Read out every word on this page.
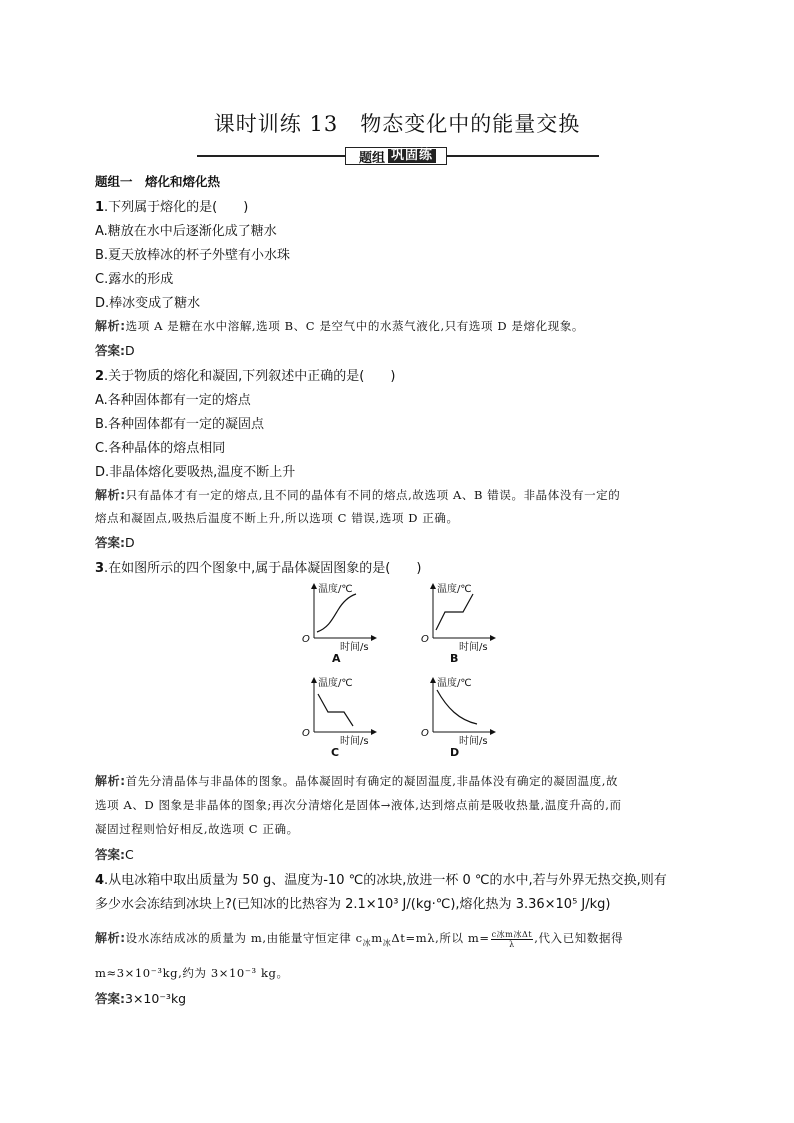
课时训练 13　物态变化中的能量交换
题组 巩固练
题组一　熔化和熔化热
1.下列属于熔化的是(　　)
A.糖放在水中后逐渐化成了糖水
B.夏天放棒冰的杯子外壁有小水珠
C.露水的形成
D.棒冰变成了糖水
解析:选项 A 是糖在水中溶解,选项 B、C 是空气中的水蒸气液化,只有选项 D 是熔化现象。
答案:D
2.关于物质的熔化和凝固,下列叙述中正确的是(　　)
A.各种固体都有一定的熔点
B.各种固体都有一定的凝固点
C.各种晶体的熔点相同
D.非晶体熔化要吸热,温度不断上升
解析:只有晶体才有一定的熔点,且不同的晶体有不同的熔点,故选项 A、B 错误。非晶体没有一定的
熔点和凝固点,吸热后温度不断上升,所以选项 C 错误,选项 D 正确。
答案:D
3.在如图所示的四个图象中,属于晶体凝固图象的是(　　)
温度/℃
O
时间/s
A
温度/℃
O
时间/s
B
温度/℃
O
时间/s
C
温度/℃
O
时间/s
D
解析:首先分清晶体与非晶体的图象。晶体凝固时有确定的凝固温度,非晶体没有确定的凝固温度,故
选项 A、D 图象是非晶体的图象;再次分清熔化是固体→液体,达到熔点前是吸收热量,温度升高的,而
凝固过程则恰好相反,故选项 C 正确。
答案:C
4.从电冰箱中取出质量为 50 g、温度为-10 ℃的冰块,放进一杯 0 ℃的水中,若与外界无热交换,则有
多少水会冻结到冰块上?(已知冰的比热容为 2.1×10³ J/(kg·℃),熔化热为 3.36×10⁵ J/kg)
解析:设水冻结成冰的质量为 m,由能量守恒定律 $c_冰m_冰\Delta t=m\lambda$,所以 m= c冰m冰Δt
λ	,代入已知数据得
m≈3×10⁻³kg,约为 3×10⁻³ kg。
答案:3×10⁻³kg
